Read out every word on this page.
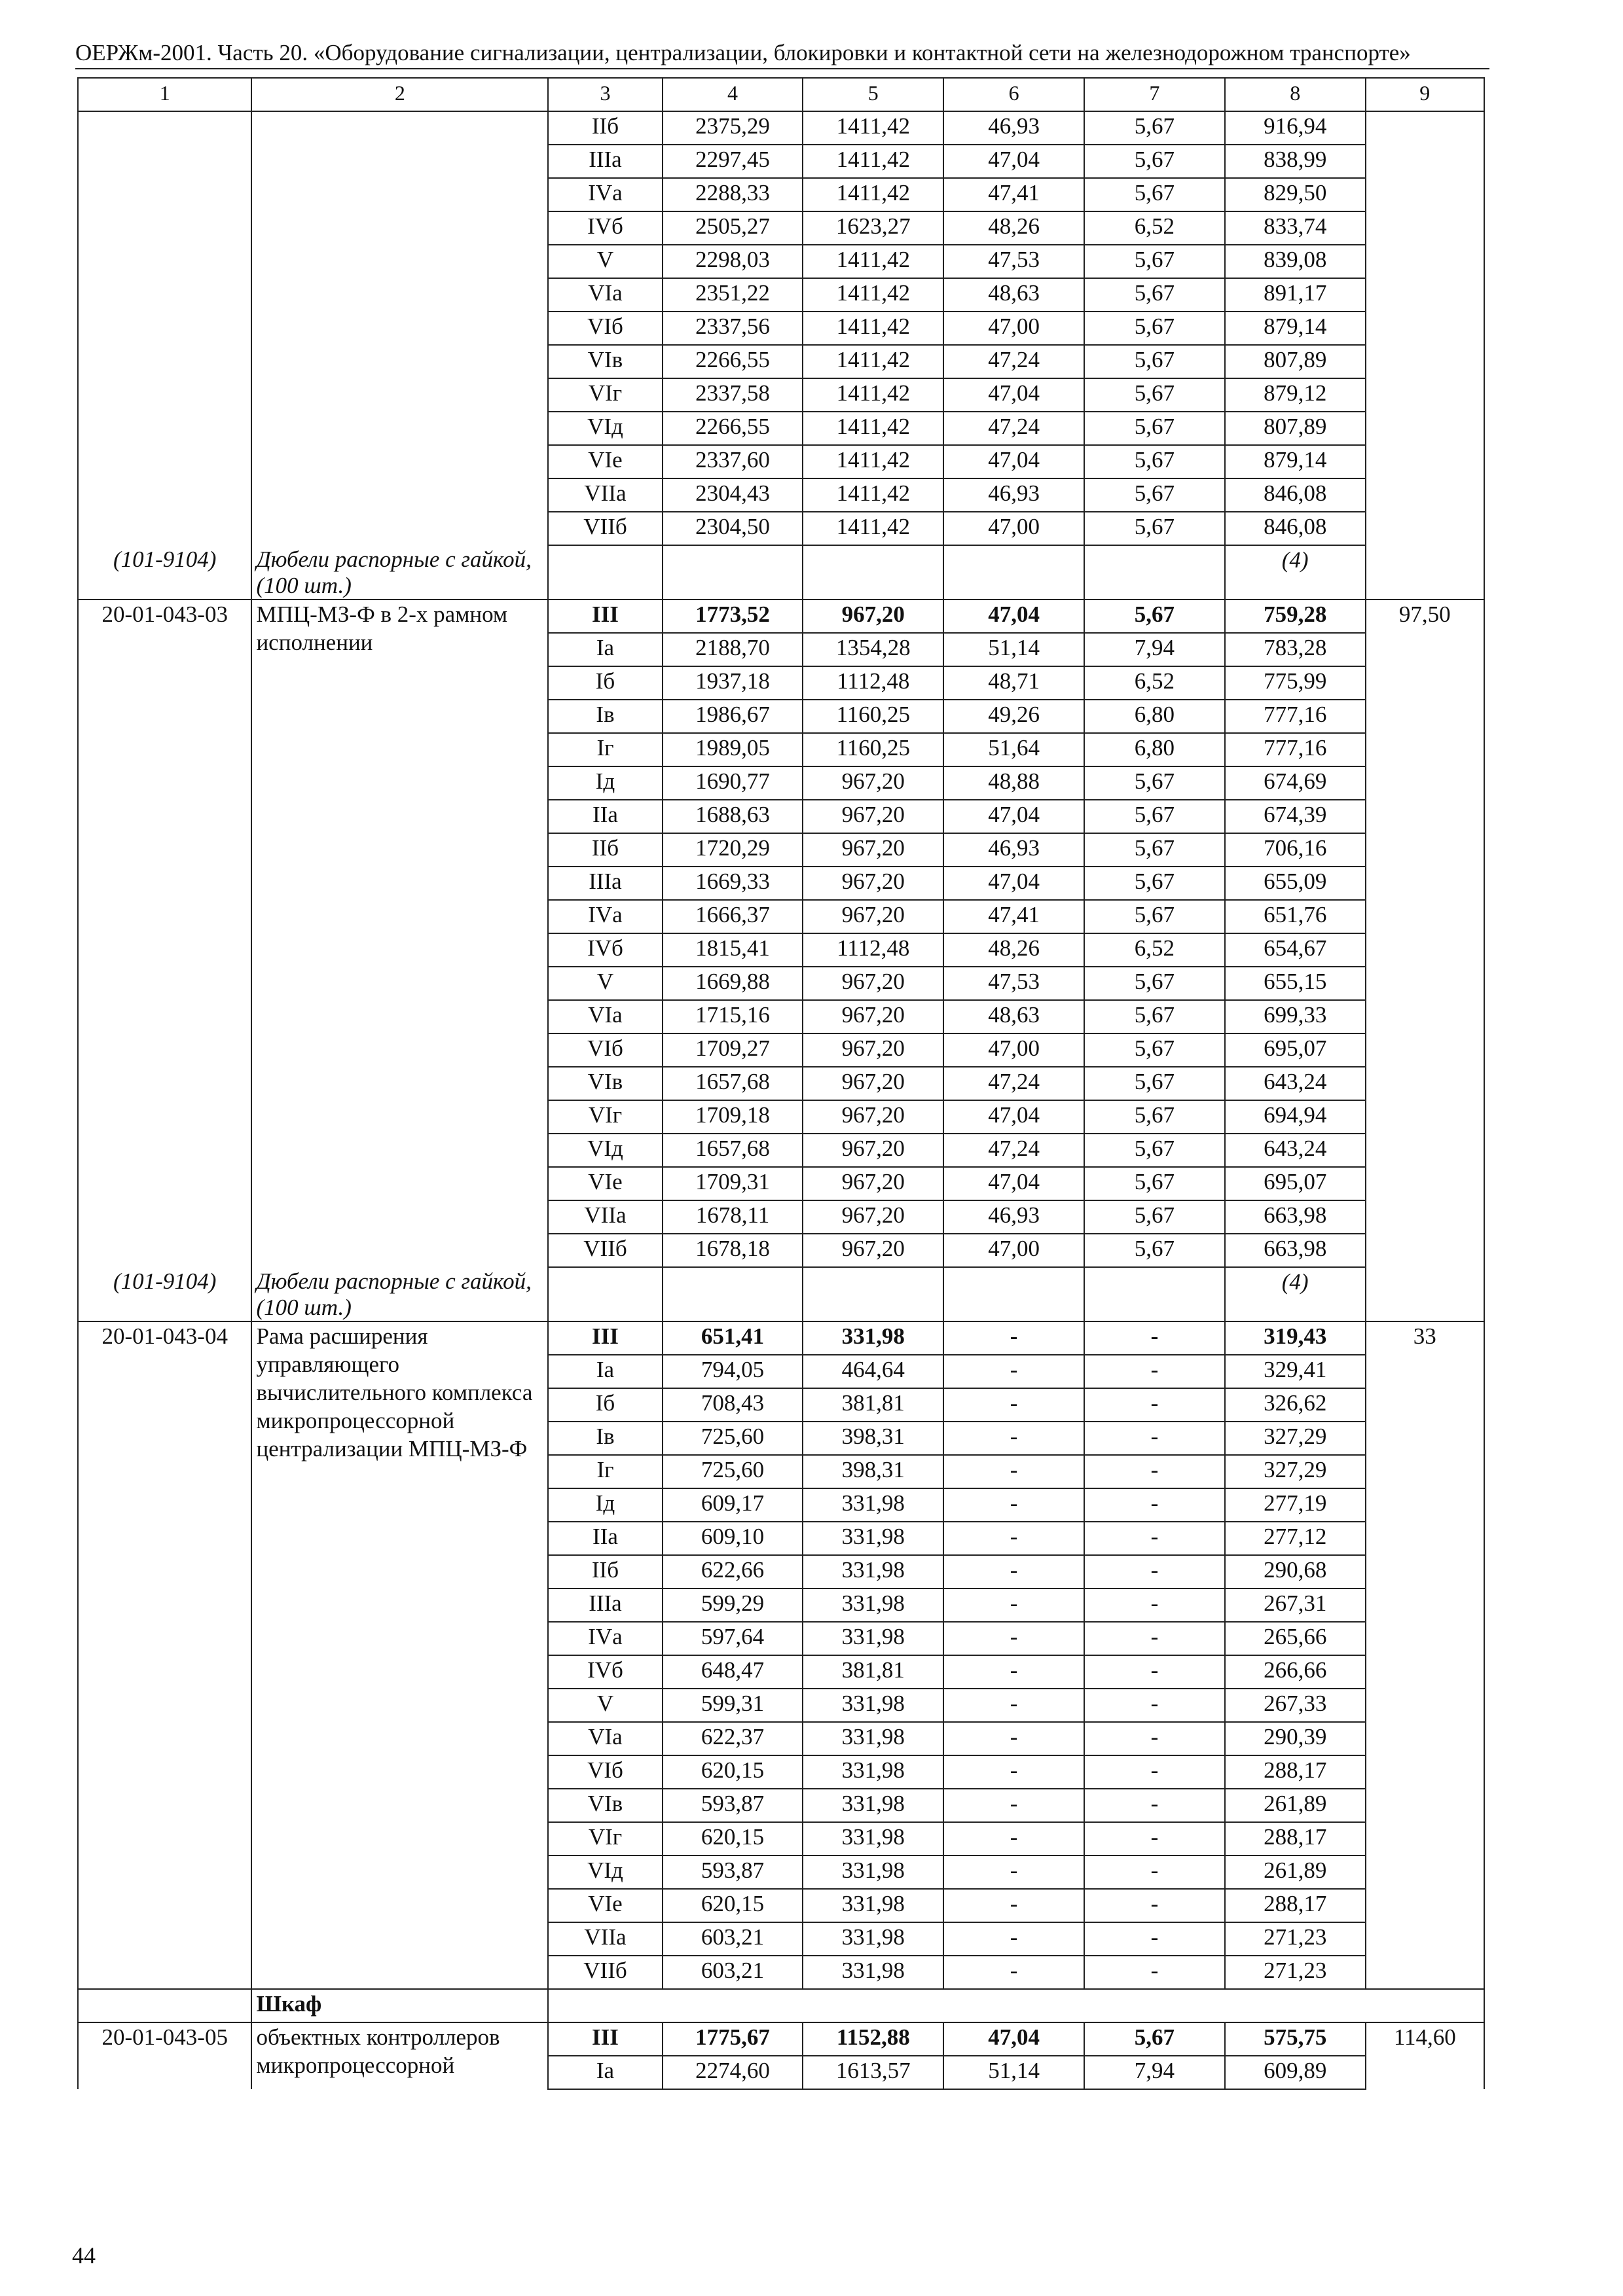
ОЕРЖм-2001. Часть 20. «Оборудование сигнализации, централизации, блокировки и контактной сети на железнодорожном транспорте»
1	2	3	4	5	6	7	8	9
		IIб	2375,29	1411,42	46,93	5,67	916,94	
		IIIа	2297,45	1411,42	47,04	5,67	838,99	
		IVа	2288,33	1411,42	47,41	5,67	829,50	
		IVб	2505,27	1623,27	48,26	6,52	833,74	
		V	2298,03	1411,42	47,53	5,67	839,08	
		VIа	2351,22	1411,42	48,63	5,67	891,17	
		VIб	2337,56	1411,42	47,00	5,67	879,14	
		VIв	2266,55	1411,42	47,24	5,67	807,89	
		VIг	2337,58	1411,42	47,04	5,67	879,12	
		VIд	2266,55	1411,42	47,24	5,67	807,89	
		VIе	2337,60	1411,42	47,04	5,67	879,14	
		VIIа	2304,43	1411,42	46,93	5,67	846,08	
		VIIб	2304,50	1411,42	47,00	5,67	846,08	

(101-9104)	Дюбели распорные с гайкой, (100 шт.)						(4)	

20-01-043-03	МПЦ-МЗ-Ф в 2-х рамном исполнении	III	1773,52	967,20	47,04	5,67	759,28	97,50
		Iа	2188,70	1354,28	51,14	7,94	783,28	
		Iб	1937,18	1112,48	48,71	6,52	775,99	
		Iв	1986,67	1160,25	49,26	6,80	777,16	
		Iг	1989,05	1160,25	51,64	6,80	777,16	
		Iд	1690,77	967,20	48,88	5,67	674,69	
		IIа	1688,63	967,20	47,04	5,67	674,39	
		IIб	1720,29	967,20	46,93	5,67	706,16	
		IIIа	1669,33	967,20	47,04	5,67	655,09	
		IVа	1666,37	967,20	47,41	5,67	651,76	
		IVб	1815,41	1112,48	48,26	6,52	654,67	
		V	1669,88	967,20	47,53	5,67	655,15	
		VIа	1715,16	967,20	48,63	5,67	699,33	
		VIб	1709,27	967,20	47,00	5,67	695,07	
		VIв	1657,68	967,20	47,24	5,67	643,24	
		VIг	1709,18	967,20	47,04	5,67	694,94	
		VIд	1657,68	967,20	47,24	5,67	643,24	
		VIе	1709,31	967,20	47,04	5,67	695,07	
		VIIа	1678,11	967,20	46,93	5,67	663,98	
		VIIб	1678,18	967,20	47,00	5,67	663,98	

(101-9104)	Дюбели распорные с гайкой, (100 шт.)						(4)	

20-01-043-04	Рама расширения управляющего вычислительного комплекса микропроцессорной централизации МПЦ-МЗ-Ф	III	651,41	331,98	-	-	319,43	33
		Iа	794,05	464,64	-	-	329,41	
		Iб	708,43	381,81	-	-	326,62	
		Iв	725,60	398,31	-	-	327,29	
		Iг	725,60	398,31	-	-	327,29	
		Iд	609,17	331,98	-	-	277,19	
		IIа	609,10	331,98	-	-	277,12	
		IIб	622,66	331,98	-	-	290,68	
		IIIа	599,29	331,98	-	-	267,31	
		IVа	597,64	331,98	-	-	265,66	
		IVб	648,47	381,81	-	-	266,66	
		V	599,31	331,98	-	-	267,33	
		VIа	622,37	331,98	-	-	290,39	
		VIб	620,15	331,98	-	-	288,17	
		VIв	593,87	331,98	-	-	261,89	
		VIг	620,15	331,98	-	-	288,17	
		VIд	593,87	331,98	-	-	261,89	
		VIе	620,15	331,98	-	-	288,17	
		VIIа	603,21	331,98	-	-	271,23	
		VIIб	603,21	331,98	-	-	271,23	
	Шкаф							
20-01-043-05	объектных контроллеров микропроцессорной	III	1775,67	1152,88	47,04	5,67	575,75	114,60
		Iа	2274,60	1613,57	51,14	7,94	609,89	
44
